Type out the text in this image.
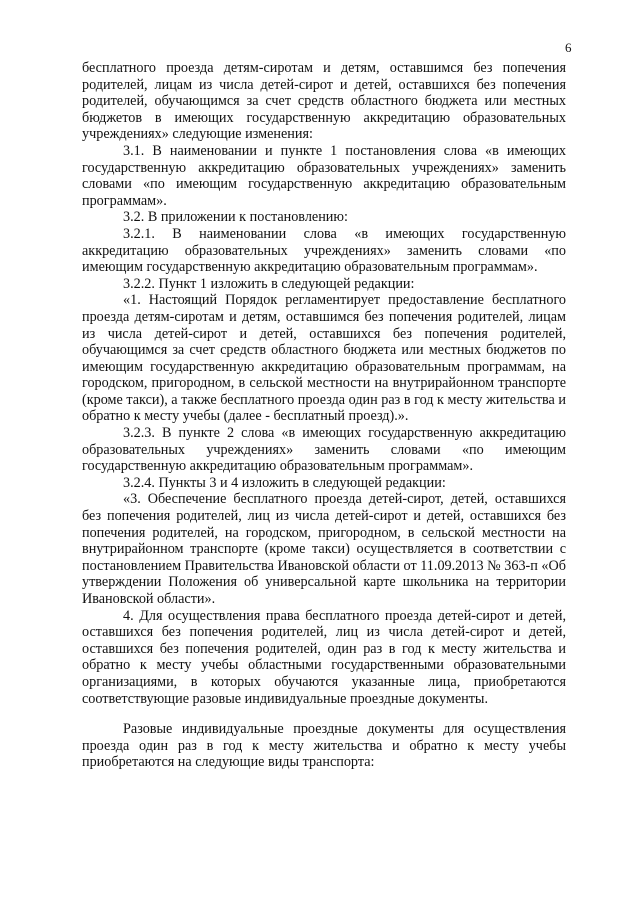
6

бесплатного проезда детям-сиротам и детям, оставшимся без попечения родителей, лицам из числа детей-сирот и детей, оставшихся без попечения родителей, обучающимся за счет средств областного бюджета или местных бюджетов в имеющих государственную аккредитацию образовательных учреждениях» следующие изменения:

3.1. В наименовании и пункте 1 постановления слова «в имеющих государственную аккредитацию образовательных учреждениях» заменить словами «по имеющим государственную аккредитацию образовательным программам».

3.2. В приложении к постановлению:

3.2.1. В наименовании слова «в имеющих государственную аккредитацию образовательных учреждениях» заменить словами «по имеющим государственную аккредитацию образовательным программам».

3.2.2. Пункт 1 изложить в следующей редакции:

«1. Настоящий Порядок регламентирует предоставление бесплатного проезда детям-сиротам и детям, оставшимся без попечения родителей, лицам из числа детей-сирот и детей, оставшихся без попечения родителей, обучающимся за счет средств областного бюджета или местных бюджетов по имеющим государственную аккредитацию образовательным программам, на городском, пригородном, в сельской местности на внутрирайонном транспорте (кроме такси), а также бесплатного проезда один раз в год к месту жительства и обратно к месту учебы (далее - бесплатный проезд).».

3.2.3. В пункте 2 слова «в имеющих государственную аккредитацию образовательных учреждениях» заменить словами «по имеющим государственную аккредитацию образовательным программам».

3.2.4. Пункты 3 и 4 изложить в следующей редакции:

«3. Обеспечение бесплатного проезда детей-сирот, детей, оставшихся без попечения родителей, лиц из числа детей-сирот и детей, оставшихся без попечения родителей, на городском, пригородном, в сельской местности на внутрирайонном транспорте (кроме такси) осуществляется в соответствии с постановлением Правительства Ивановской области от 11.09.2013 № 363-п «Об утверждении Положения об универсальной карте школьника на территории Ивановской области».

4. Для осуществления права бесплатного проезда детей-сирот и детей, оставшихся без попечения родителей, лиц из числа детей-сирот и детей, оставшихся без попечения родителей, один раз в год к месту жительства и обратно к месту учебы областными государственными образовательными организациями, в которых обучаются указанные лица, приобретаются соответствующие разовые индивидуальные проездные документы.

Разовые индивидуальные проездные документы для осуществления проезда один раз в год к месту жительства и обратно к месту учебы приобретаются на следующие виды транспорта:
